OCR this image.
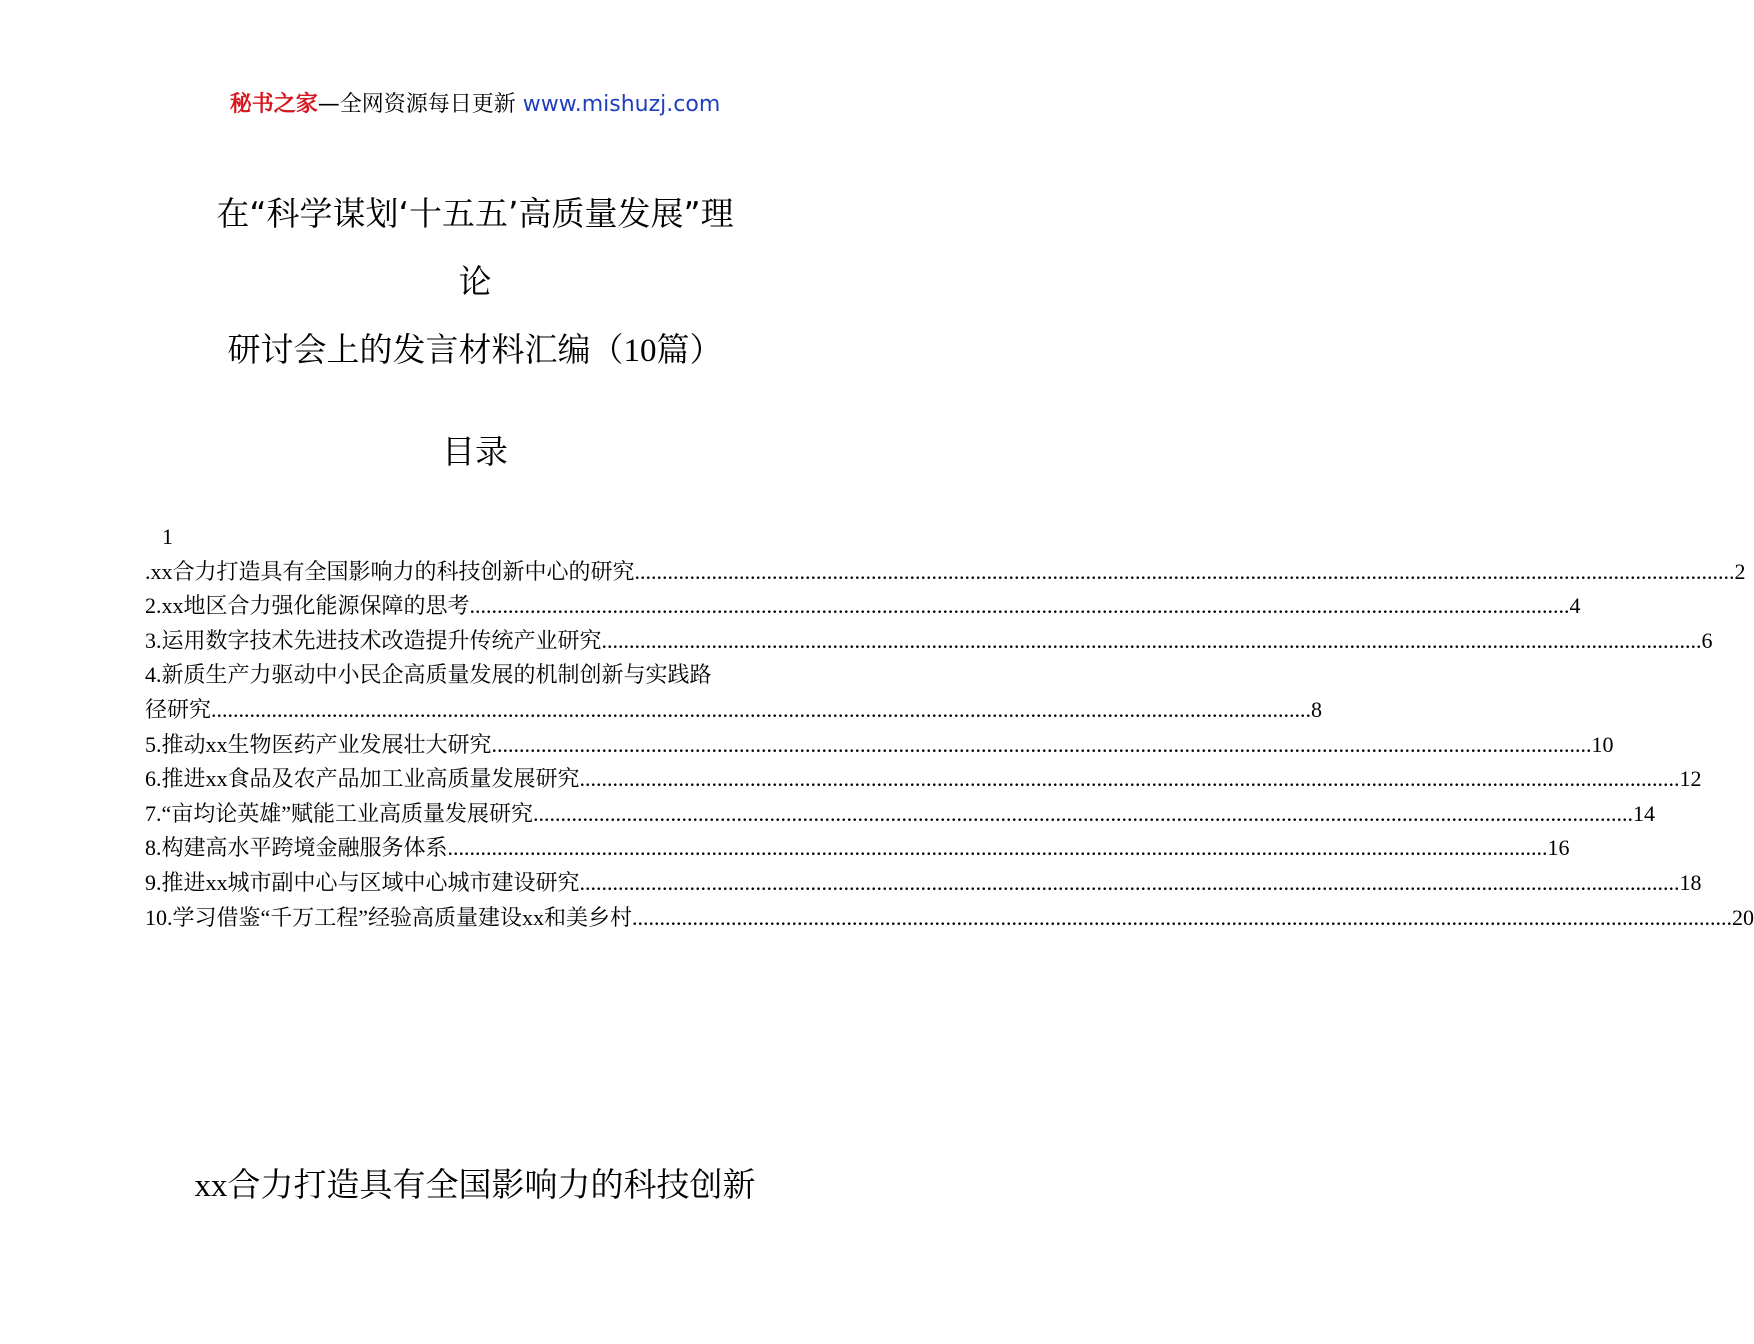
秘书之家—全网资源每日更新 www.mishuzj.com
在“科学谋划‘十五五’高质量发展”理
论
研讨会上的发言材料汇编（10篇）
目录
1
.xx合力打造具有全国影响力的科技创新中心的研究 ........................................................................................................................................................................................................ 2
2.xx地区合力强化能源保障的思考 ........................................................................................................................................................................................................ 4
3.运用数字技术先进技术改造提升传统产业研究 ........................................................................................................................................................................................................ 6
4.新质生产力驱动中小民企高质量发展的机制创新与实践路
径研究 ........................................................................................................................................................................................................ 8
5.推动xx生物医药产业发展壮大研究 ........................................................................................................................................................................................................ 10
6.推进xx食品及农产品加工业高质量发展研究 ........................................................................................................................................................................................................ 12
7.“亩均论英雄”赋能工业高质量发展研究 ........................................................................................................................................................................................................ 14
8.构建高水平跨境金融服务体系 ........................................................................................................................................................................................................ 16
9.推进xx城市副中心与区域中心城市建设研究 ........................................................................................................................................................................................................ 18
10.学习借鉴“千万工程”经验高质量建设xx和美乡村 ........................................................................................................................................................................................................ 20
xx合力打造具有全国影响力的科技创新
